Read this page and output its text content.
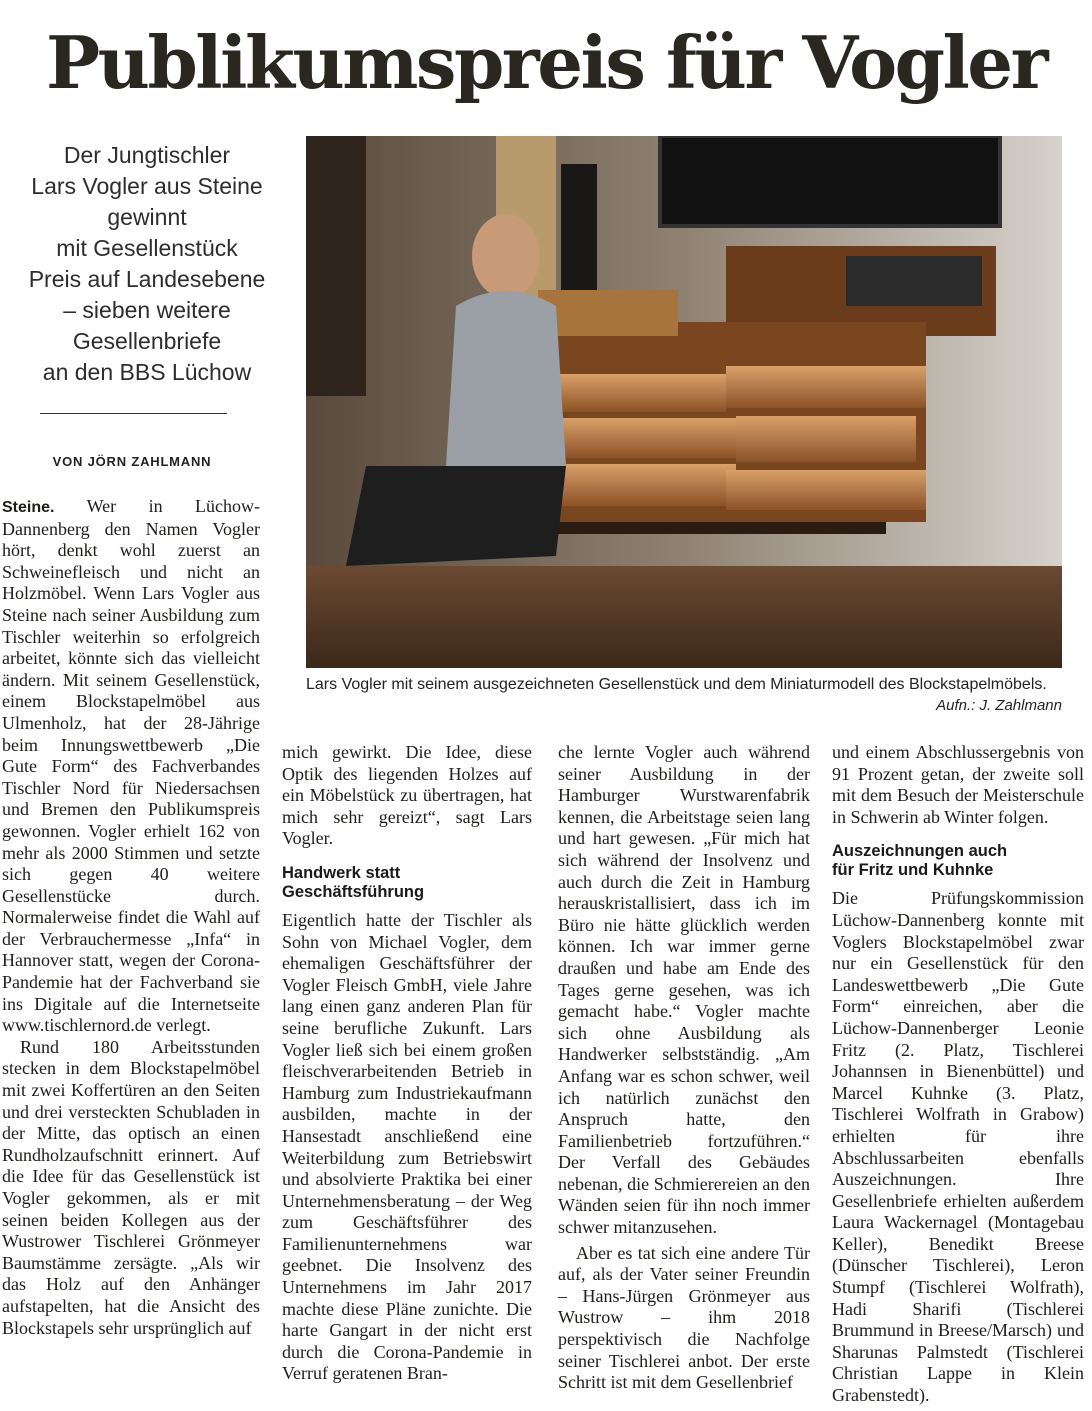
Publikumspreis für Vogler
Der Jungtischler
Lars Vogler aus Steine
gewinnt
mit Gesellenstück
Preis auf Landesebene
– sieben weitere
Gesellenbriefe
an den BBS Lüchow
VON JÖRN ZAHLMANN
Lars Vogler mit seinem ausgezeichneten Gesellenstück und dem Miniaturmodell des Blockstapelmöbels.
Aufn.: J. Zahlmann

Steine. Wer in Lüchow-Dannenberg den Namen Vogler hört, denkt wohl zuerst an Schweinefleisch und nicht an Holzmöbel. Wenn Lars Vogler aus Steine nach seiner Ausbildung zum Tischler weiterhin so erfolgreich arbeitet, könnte sich das vielleicht ändern. Mit seinem Gesellenstück, einem Blockstapelmöbel aus Ulmenholz, hat der 28-Jährige beim Innungswettbewerb „Die Gute Form“ des Fachverbandes Tischler Nord für Niedersachsen und Bremen den Publikumspreis gewonnen. Vogler erhielt 162 von mehr als 2000 Stimmen und setzte sich gegen 40 weitere Gesellenstücke durch. Normalerweise findet die Wahl auf der Verbrauchermesse „Infa“ in Hannover statt, wegen der Corona-Pandemie hat der Fachverband sie ins Digitale auf die Internetseite www.tischlernord.de verlegt.

Rund 180 Arbeitsstunden stecken in dem Blockstapelmöbel mit zwei Koffertüren an den Seiten und drei versteckten Schubladen in der Mitte, das optisch an einen Rundholzaufschnitt erinnert. Auf die Idee für das Gesellenstück ist Vogler gekommen, als er mit seinen beiden Kollegen aus der Wustrower Tischlerei Grönmeyer Baumstämme zersägte. „Als wir das Holz auf den Anhänger aufstapelten, hat die Ansicht des Blockstapels sehr ursprünglich auf

mich gewirkt. Die Idee, diese Optik des liegenden Holzes auf ein Möbelstück zu übertragen, hat mich sehr gereizt“, sagt Lars Vogler.

Handwerk statt
Geschäftsführung

Eigentlich hatte der Tischler als Sohn von Michael Vogler, dem ehemaligen Geschäftsführer der Vogler Fleisch GmbH, viele Jahre lang einen ganz anderen Plan für seine berufliche Zukunft. Lars Vogler ließ sich bei einem großen fleischverarbeitenden Betrieb in Hamburg zum Industriekaufmann ausbilden, machte in der Hansestadt anschließend eine Weiterbildung zum Betriebswirt und absolvierte Praktika bei einer Unternehmensberatung – der Weg zum Geschäftsführer des Familienunternehmens war geebnet. Die Insolvenz des Unternehmens im Jahr 2017 machte diese Pläne zunichte. Die harte Gangart in der nicht erst durch die Corona-Pandemie in Verruf geratenen Bran-

che lernte Vogler auch während seiner Ausbildung in der Hamburger Wurstwarenfabrik kennen, die Arbeitstage seien lang und hart gewesen. „Für mich hat sich während der Insolvenz und auch durch die Zeit in Hamburg herauskristallisiert, dass ich im Büro nie hätte glücklich werden können. Ich war immer gerne draußen und habe am Ende des Tages gerne gesehen, was ich gemacht habe.“ Vogler machte sich ohne Ausbildung als Handwerker selbstständig. „Am Anfang war es schon schwer, weil ich natürlich zunächst den Anspruch hatte, den Familienbetrieb fortzuführen.“ Der Verfall des Gebäudes nebenan, die Schmierereien an den Wänden seien für ihn noch immer schwer mitanzusehen.

Aber es tat sich eine andere Tür auf, als der Vater seiner Freundin – Hans-Jürgen Grönmeyer aus Wustrow – ihm 2018 perspektivisch die Nachfolge seiner Tischlerei anbot. Der erste Schritt ist mit dem Gesellenbrief

und einem Abschlussergebnis von 91 Prozent getan, der zweite soll mit dem Besuch der Meisterschule in Schwerin ab Winter folgen.

Auszeichnungen auch
für Fritz und Kuhnke

Die Prüfungskommission Lüchow-Dannenberg konnte mit Voglers Blockstapelmöbel zwar nur ein Gesellenstück für den Landeswettbewerb „Die Gute Form“ einreichen, aber die Lüchow-Dannenberger Leonie Fritz (2. Platz, Tischlerei Johannsen in Bienenbüttel) und Marcel Kuhnke (3. Platz, Tischlerei Wolfrath in Grabow) erhielten für ihre Abschlussarbeiten ebenfalls Auszeichnungen. Ihre Gesellenbriefe erhielten außerdem Laura Wackernagel (Montagebau Keller), Benedikt Breese (Dünscher Tischlerei), Leron Stumpf (Tischlerei Wolfrath), Hadi Sharifi (Tischlerei Brummund in Breese/Marsch) und Sharunas Palmstedt (Tischlerei Christian Lappe in Klein Grabenstedt).
